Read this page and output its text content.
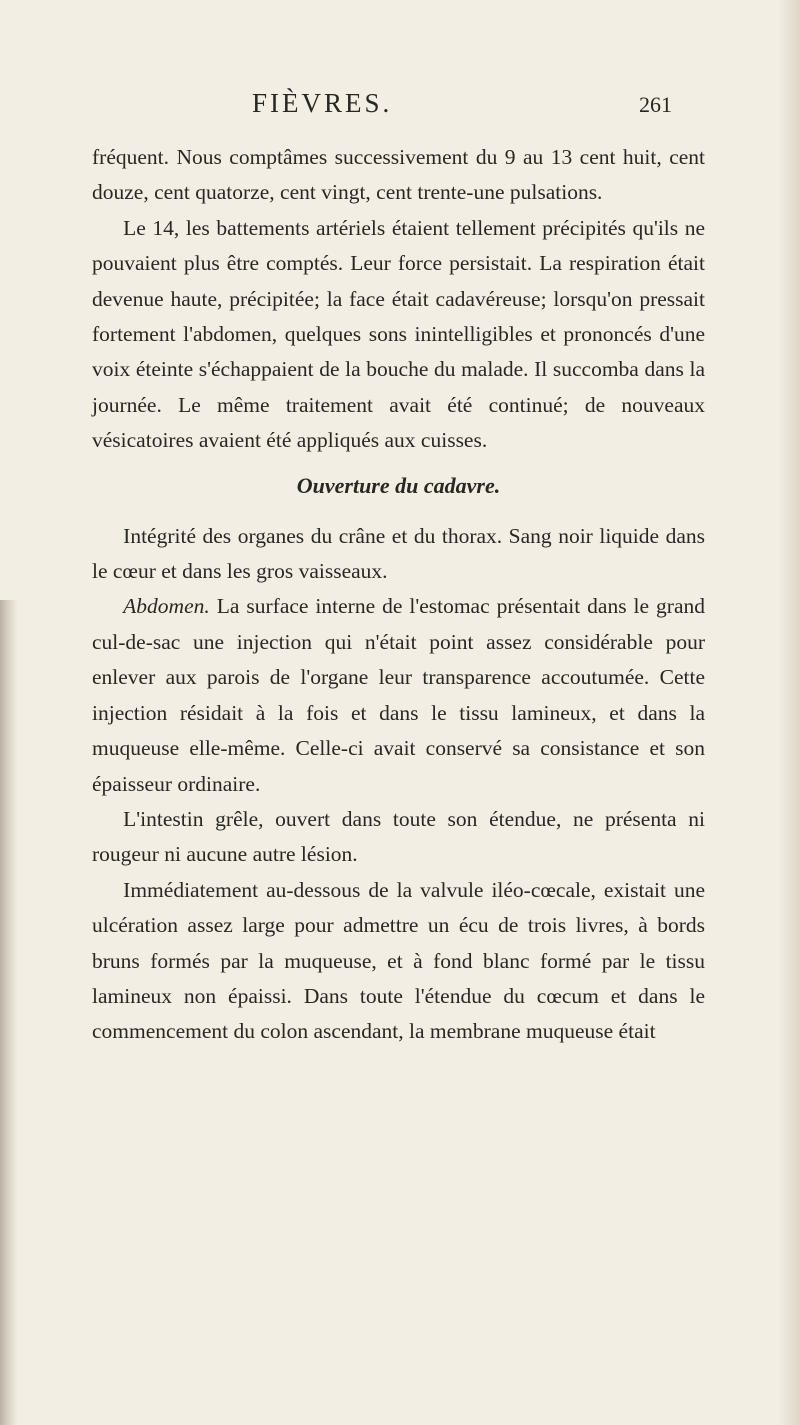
FIÈVRES.	261

fréquent. Nous comptâmes successivement du 9 au 13 cent huit, cent douze, cent quatorze, cent vingt, cent trente-une pulsations.

Le 14, les battements artériels étaient tellement précipités qu'ils ne pouvaient plus être comptés. Leur force persistait. La respiration était devenue haute, précipitée; la face était cadavéreuse; lorsqu'on pressait fortement l'abdomen, quelques sons inintelligibles et prononcés d'une voix éteinte s'échappaient de la bouche du malade. Il succomba dans la journée. Le même traitement avait été continué; de nouveaux vésicatoires avaient été appliqués aux cuisses.

Ouverture du cadavre.

Intégrité des organes du crâne et du thorax. Sang noir liquide dans le cœur et dans les gros vaisseaux.

Abdomen. La surface interne de l'estomac présentait dans le grand cul-de-sac une injection qui n'était point assez considérable pour enlever aux parois de l'organe leur transparence accoutumée. Cette injection résidait à la fois et dans le tissu lamineux, et dans la muqueuse elle-même. Celle-ci avait conservé sa consistance et son épaisseur ordinaire.

L'intestin grêle, ouvert dans toute son étendue, ne présenta ni rougeur ni aucune autre lésion.

Immédiatement au-dessous de la valvule iléo-cœcale, existait une ulcération assez large pour admettre un écu de trois livres, à bords bruns formés par la muqueuse, et à fond blanc formé par le tissu lamineux non épaissi. Dans toute l'étendue du cœcum et dans le commencement du colon ascendant, la membrane muqueuse était
